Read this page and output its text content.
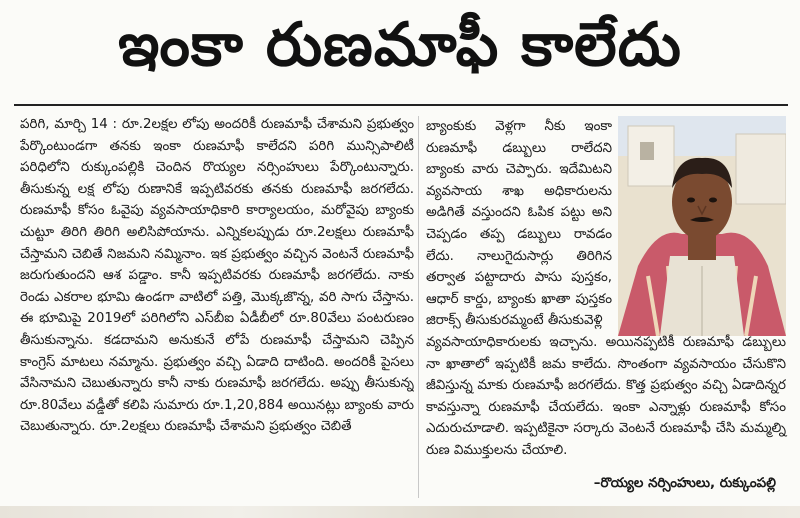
ఇంకా రుణమాఫీ కాలేదు

పరిగి, మార్చి 14 : రూ.2లక్షల లోపు అందరికీ రుణమాఫీ చేశామని ప్రభుత్వం పేర్కొంటుండగా తనకు ఇంకా రుణమాఫీ కాలేదని పరిగి మున్సిపాలిటీ పరిధిలోని రుక్కుంపల్లికి చెందిన రొయ్యల నర్సింహులు పేర్కొంటున్నారు. తీసుకున్న లక్ష లోపు రుణానికే ఇప్పటివరకు తనకు రుణమాఫీ జరగలేదు. రుణమాఫీ కోసం ఓవైపు వ్యవసాయాధికారి కార్యాలయం, మరోవైపు బ్యాంకు చుట్టూ తిరిగి తిరిగి అలిసిపోయాను. ఎన్నికలప్పుడు రూ.2లక్షలు రుణమాఫీ చేస్తామని చెబితే నిజమని నమ్మినాం. ఇక ప్రభుత్వం వచ్చిన వెంటనే రుణమాఫీ జరుగుతుందని ఆశ పడ్డాం. కానీ ఇప్పటివరకు రుణమాఫీ జరగలేదు. నాకు రెండు ఎకరాల భూమి ఉండగా వాటిలో పత్తి, మొక్కజొన్న, వరి సాగు చేస్తాను. ఈ భూమిపై 2019లో పరిగిలోని ఎస్‌బీఐ ఏడీబీలో రూ.80వేలు పంటరుణం తీసుకున్నాను. కడదామని అనుకునే లోపే రుణమాఫీ చేస్తామని చెప్పిన కాంగ్రెస్‌ మాటలు నమ్మాను. ప్రభుత్వం వచ్చి ఏడాది దాటింది. అందరికీ పైసలు వేసినామని చెబుతున్నారు కానీ నాకు రుణమాఫీ జరగలేదు. అప్పు తీసుకున్న రూ.80వేలు వడ్డీతో కలిపి సుమారు రూ.1,20,884 అయినట్లు బ్యాంకు వారు చెబుతున్నారు. రూ.2లక్షలు రుణమాఫీ చేశామని ప్రభుత్వం చెబితే

బ్యాంకుకు వెళ్లగా నీకు ఇంకా రుణమాఫీ డబ్బులు రాలేదని బ్యాంకు వారు చెప్పారు. ఇదేమిటని వ్యవసాయ శాఖ అధికారులను అడిగితే వస్తుందని ఓపిక పట్టు అని చెప్పడం తప్ప డబ్బులు రావడం లేదు. నాలుగైదుసార్లు తిరిగిన తర్వాత పట్టాదారు పాసు పుస్తకం, ఆధార్‌ కార్డు, బ్యాంకు ఖాతా పుస్తకం జిరాక్స్‌ తీసుకురమ్మంటే తీసుకువెళ్లి

వ్యవసాయాధికారులకు ఇచ్చాను. అయినప్పటికీ రుణమాఫీ డబ్బులు నా ఖాతాలో ఇప్పటికీ జమ కాలేదు. సొంతంగా వ్యవసాయం చేసుకొని జీవిస్తున్న మాకు రుణమాఫీ జరగలేదు. కొత్త ప్రభుత్వం వచ్చి ఏడాదిన్నర కావస్తున్నా రుణమాఫీ చేయలేదు. ఇంకా ఎన్నాళ్లు రుణమాఫీ కోసం ఎదురుచూడాలి. ఇప్పటికైనా సర్కారు వెంటనే రుణమాఫీ చేసి మమ్మల్ని రుణ విముక్తులను చేయాలి.

–రొయ్యల నర్సింహులు, రుక్కుంపల్లి
